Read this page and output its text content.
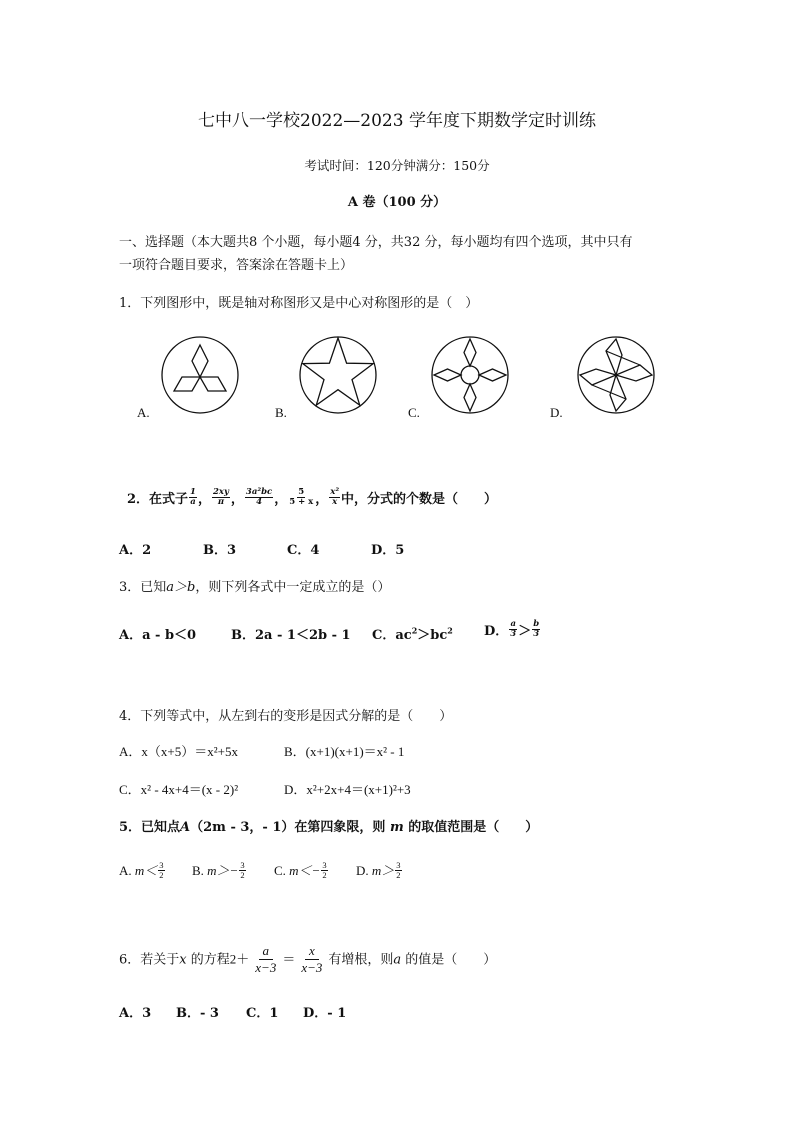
七中八一学校2022—2023 学年度下期数学定时训练
考试时间：120分钟满分：150分
A 卷（100 分）
一、选择题（本大题共8 个小题，每小题4 分，共32 分，每小题均有四个选项，其中只有
一项符合题目要求，答案涂在答题卡上）
1．下列图形中，既是轴对称图形又是中心对称图形的是（　）
A.	B.	C.	D.
2．在式子 $\frac{1}{a}$ ， $\frac{2xy}{\pi}$ ， $\frac{\text{3a²bc}}{4}$ ， $\frac{5}{5 + x}$ ， $\frac{\text{x²}}{x}$ 中，分式的个数是（　　）
A．2	B．3	C．4	D．5
3．已知a＞b，则下列各式中一定成立的是（）
A．a - b＜0	B．2a - 1＜2b - 1 C．$ac^2>bc^2$ D． $\frac{a}{3} > \frac{b}{3}$
4．下列等式中，从左到右的变形是因式分解的是（　　）
A．x（x+5）＝x²+5x	B．(x+1)(x+1)＝x² - 1
C．x² - 4x+4＝(x - 2)²	D．x²+2x+4＝(x+1)²+3
5．已知点A（2m - 3，- 1）在第四象限，则 m 的取值范围是（　　）
A. $m< \frac{3}{2} B$. $m>- \frac{3}{2} C$. $m<- \frac{3}{2} D$. $m> \frac{3}{2}$
6．若关于x 的方程$2+ \frac{a}{x-3} = \frac{x}{x-3}$ 有增根，则a 的值是（　　）
A．3 B．- 3 C．1 D．- 1
